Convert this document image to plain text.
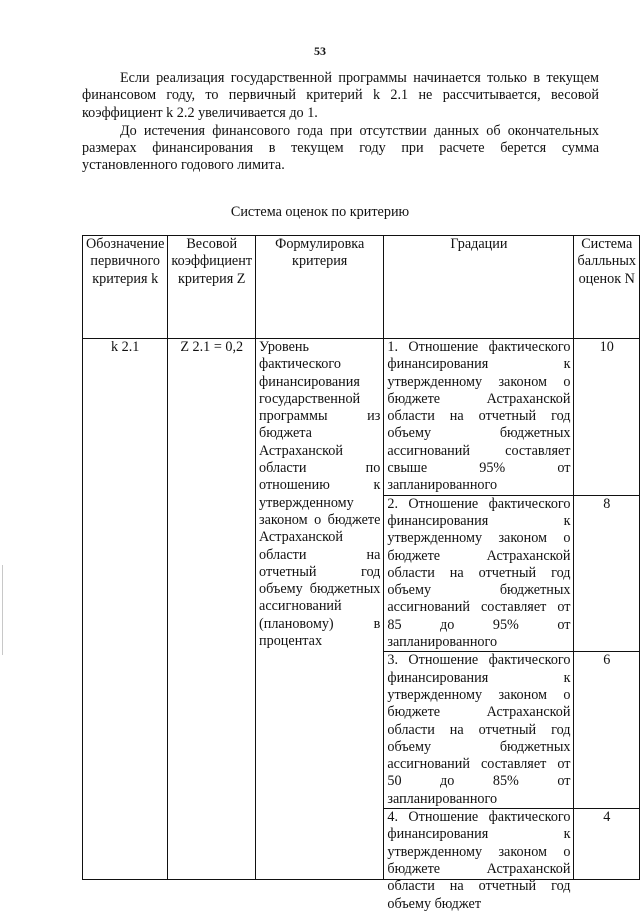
53

Если реализация государственной программы начинается только в текущем финансовом году, то первичный критерий k 2.1 не рассчитывается, весовой коэффициент k 2.2 увеличивается до 1.

До истечения финансового года при отсутствии данных об окончательных размерах финансирования в текущем году при расчете берется сумма установленного годового лимита.

Система оценок по критерию
Обозначение первичного критерия k	Весовой коэффициент критерия Z	Формулировка критерия	Градации	Система балльных оценок N
k 2.1	Z 2.1 = 0,2	Уровень фактического финансирования государственной программы из бюджета Астраханской области по отношению к утвержденному законом о бюджете Астраханской области на отчетный год объему бюджетных ассигнований (плановому) в процентах	1. Отношение фактического финансирования к утвержденному законом о бюджете Астраханской области на отчетный год объему бюджетных ассигнований составляет свыше 95% от запланированного	10
			2. Отношение фактического финансирования к утвержденному законом о бюджете Астраханской области на отчетный год объему бюджетных ассигнований составляет от 85 до 95% от запланированного	8
			3. Отношение фактического финансирования к утвержденному законом о бюджете Астраханской области на отчетный год объему бюджетных ассигнований составляет от 50 до 85% от запланированного	6

			4. Отношение фактического финансирования к утвержденному законом о бюджете Астраханской области на отчетный год объему бюджет	4
